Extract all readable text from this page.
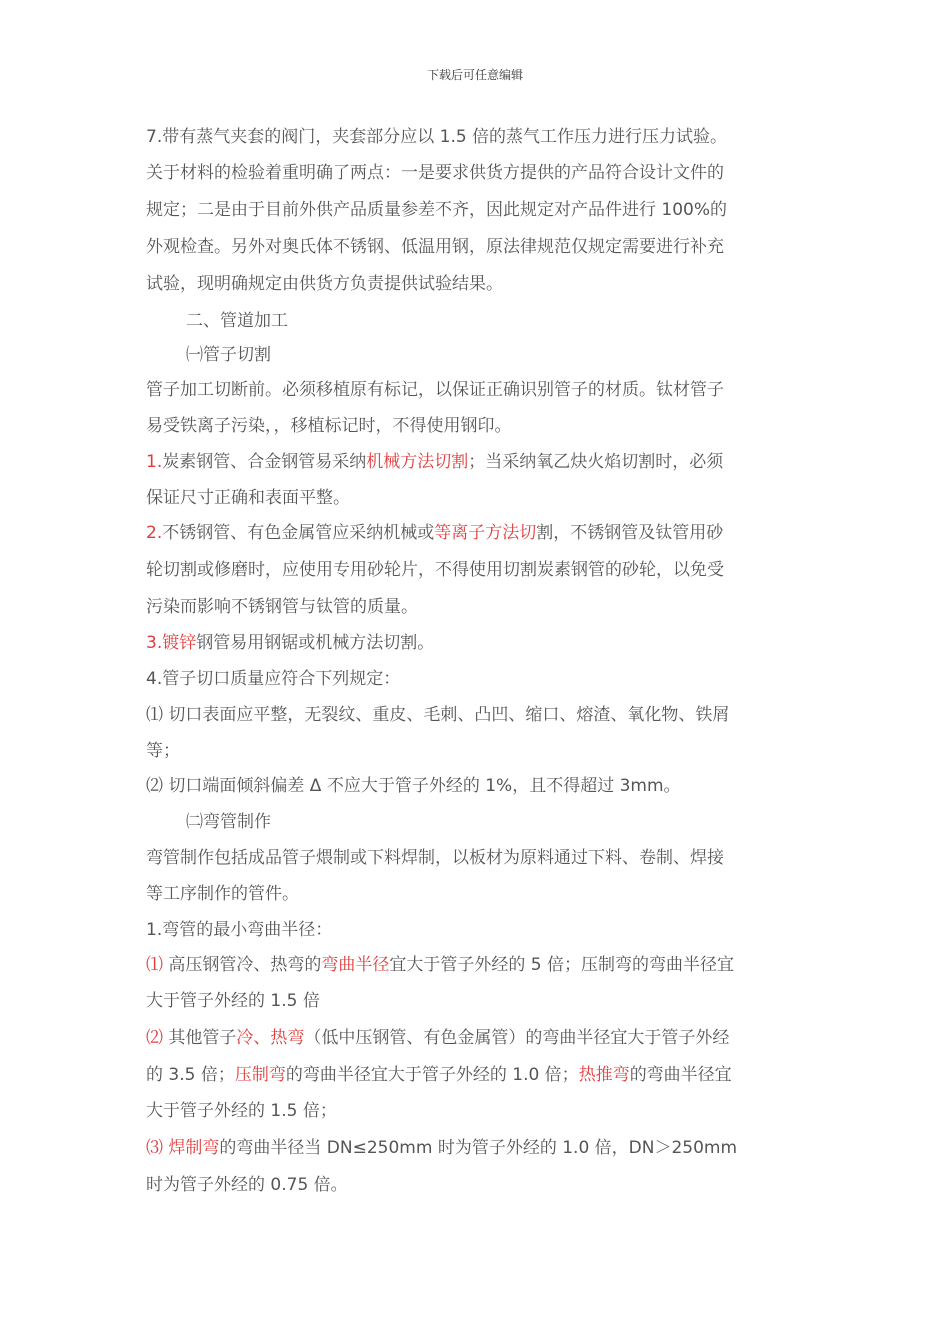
下载后可任意编辑
7.带有蒸气夹套的阀门，夹套部分应以 1.5 倍的蒸气工作压力进行压力试验。
关于材料的检验着重明确了两点：一是要求供货方提供的产品符合设计文件的
规定；二是由于目前外供产品质量参差不齐，因此规定对产品件进行 100%的
外观检查。另外对奥氏体不锈钢、低温用钢，原法律规范仅规定需要进行补充
试验，现明确规定由供货方负责提供试验结果。
二、管道加工
㈠管子切割
管子加工切断前。必须移植原有标记，以保证正确识别管子的材质。钛材管子
易受铁离子污染，，移植标记时，不得使用钢印。
1.炭素钢管、合金钢管易采纳机械方法切割；当采纳氧乙炔火焰切割时，必须
保证尺寸正确和表面平整。
2.不锈钢管、有色金属管应采纳机械或等离子方法切割，不锈钢管及钛管用砂
轮切割或修磨时，应使用专用砂轮片，不得使用切割炭素钢管的砂轮，以免受
污染而影响不锈钢管与钛管的质量。
3.镀锌钢管易用钢锯或机械方法切割。
4.管子切口质量应符合下列规定：
⑴ 切口表面应平整，无裂纹、重皮、毛刺、凸凹、缩口、熔渣、氧化物、铁屑
等；
⑵ 切口端面倾斜偏差 Δ 不应大于管子外经的 1%，且不得超过 3mm。
㈡弯管制作
弯管制作包括成品管子煨制或下料焊制，以板材为原料通过下料、卷制、焊接
等工序制作的管件。
1.弯管的最小弯曲半径：
⑴ 高压钢管冷、热弯的弯曲半径宜大于管子外经的 5 倍；压制弯的弯曲半径宜
大于管子外经的 1.5 倍
⑵ 其他管子冷、热弯（低中压钢管、有色金属管）的弯曲半径宜大于管子外经
的 3.5 倍；压制弯的弯曲半径宜大于管子外经的 1.0 倍；热推弯的弯曲半径宜
大于管子外经的 1.5 倍；
⑶ 焊制弯的弯曲半径当 DN≤250mm 时为管子外经的 1.0 倍，DN＞250mm
时为管子外经的 0.75 倍。
